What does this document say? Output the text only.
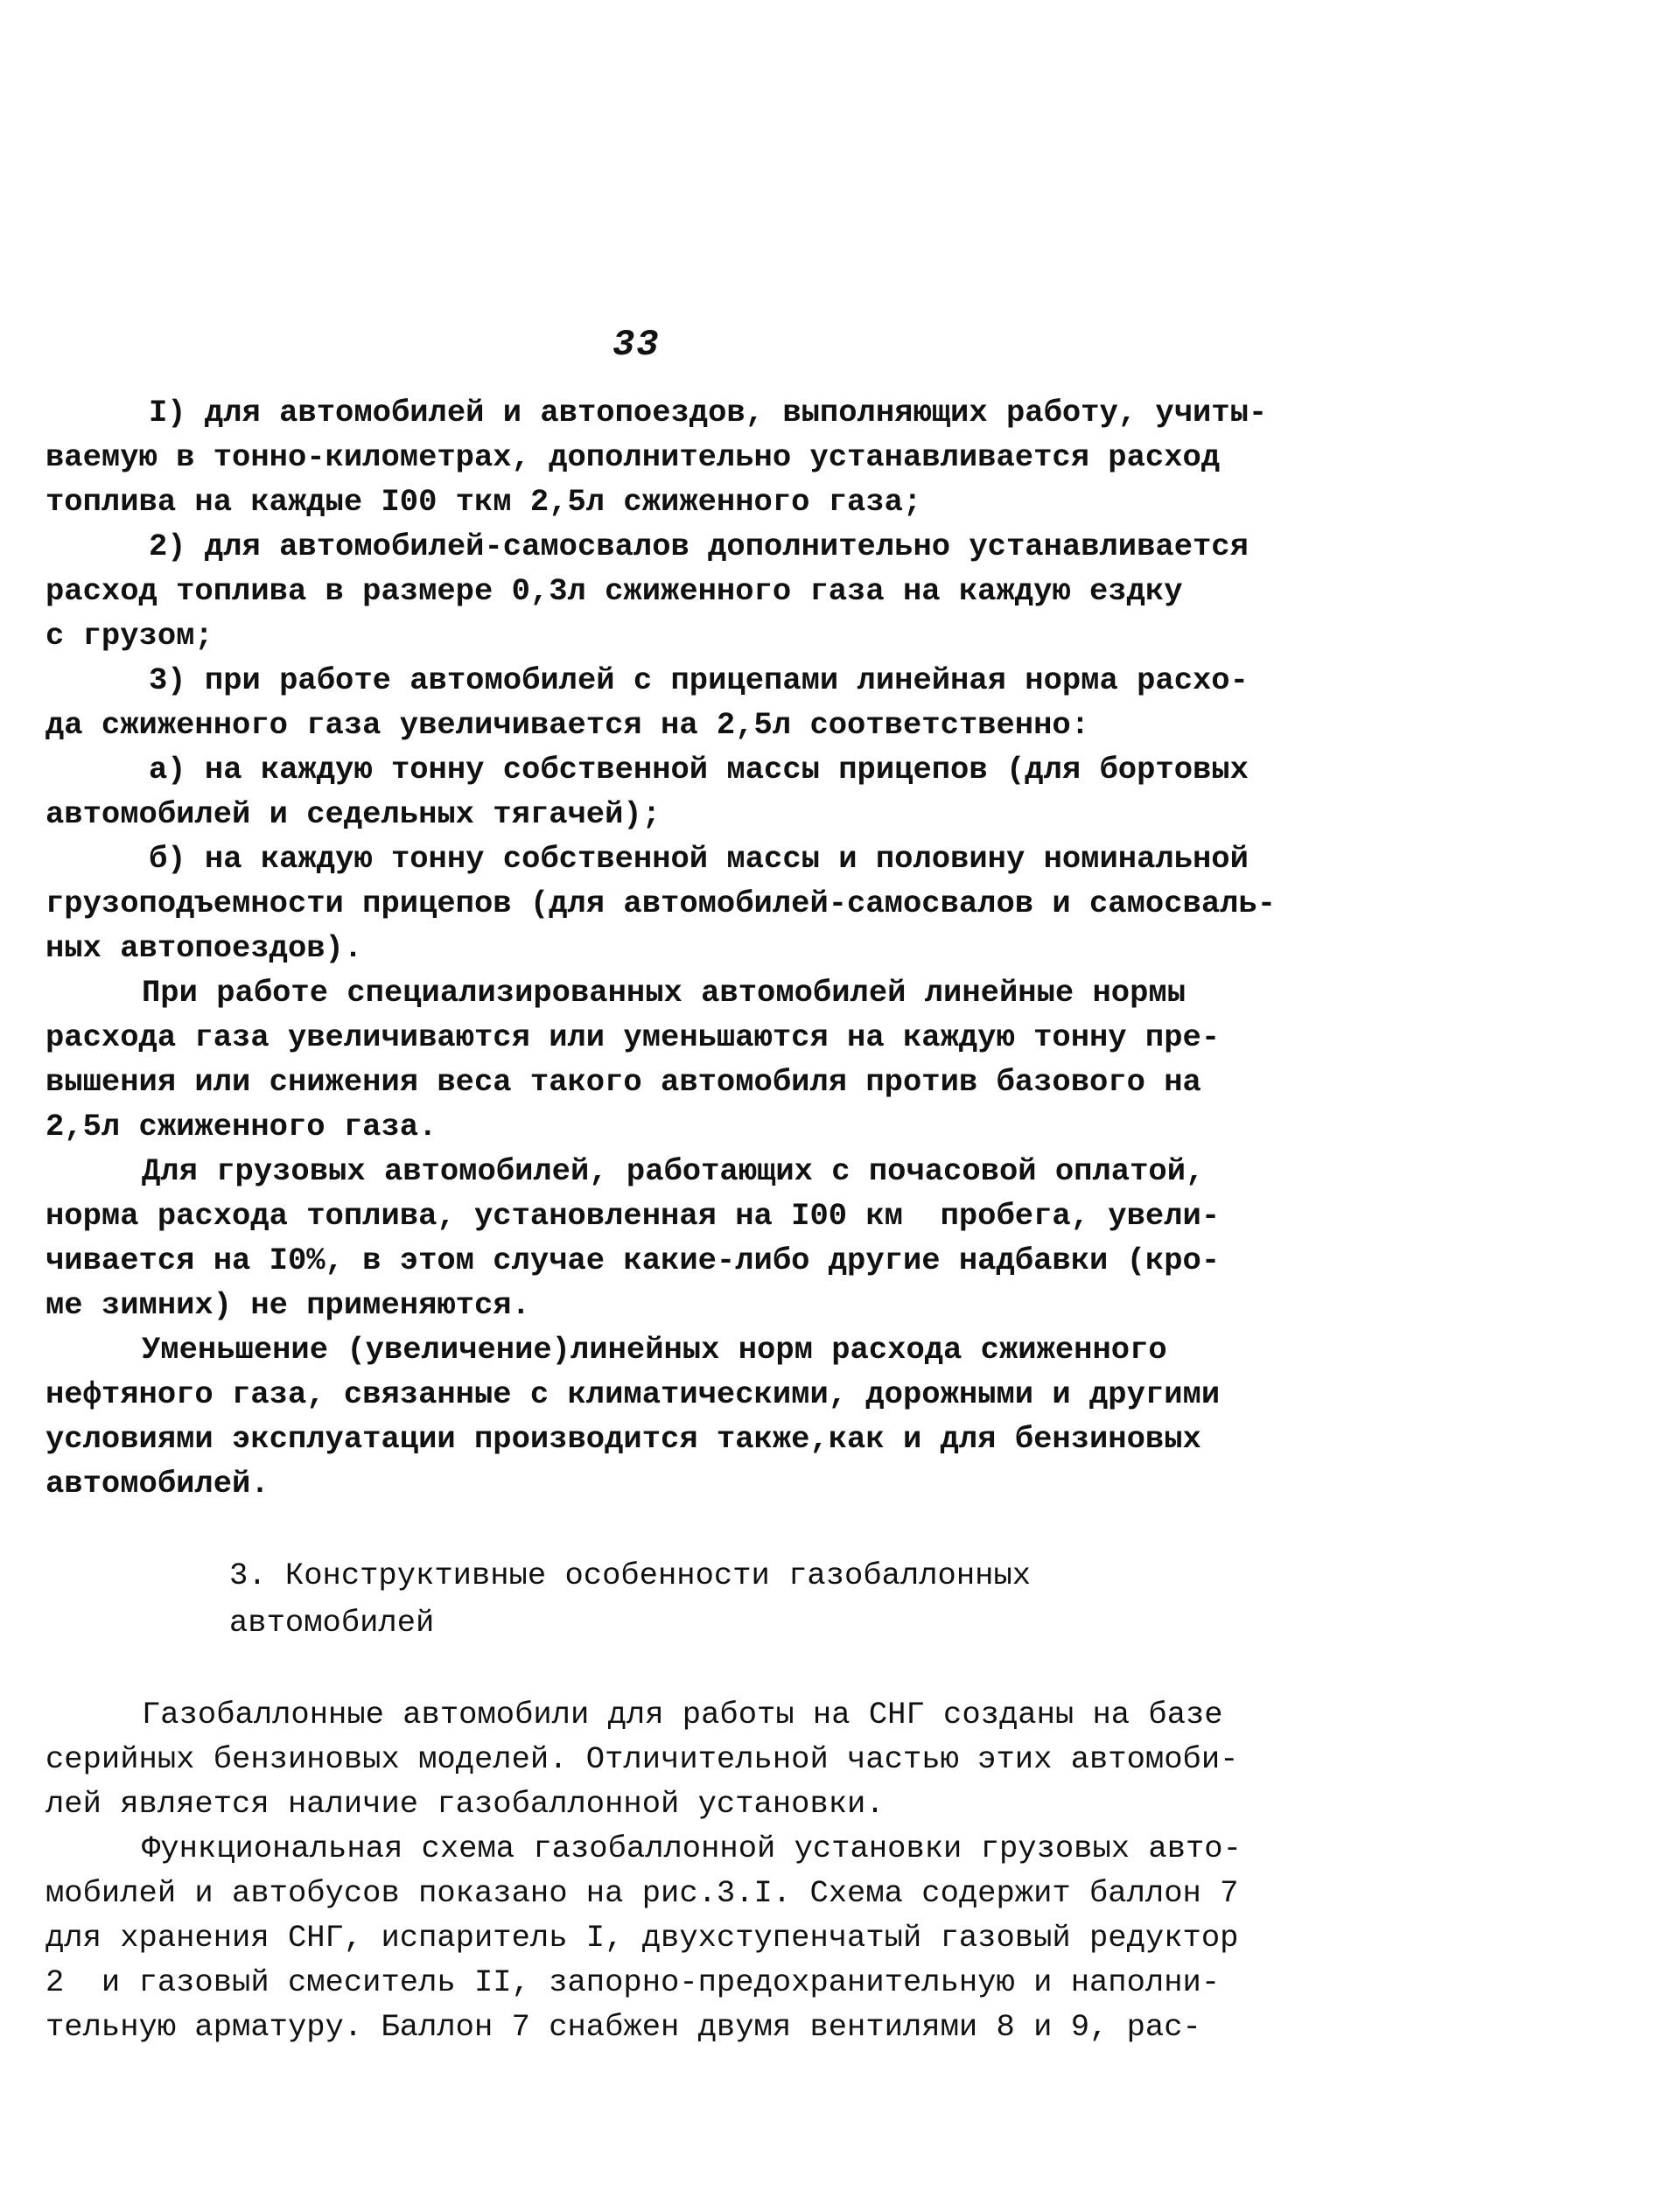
33
I) для автомобилей и автопоездов, выполняющих работу, учиты-
ваемую в тонно-километрах, дополнительно устанавливается расход
топлива на каждые I00 ткм 2,5л сжиженного газа;
2) для автомобилей-самосвалов дополнительно устанавливается
расход топлива в размере 0,3л сжиженного газа на каждую ездку
с грузом;
3) при работе автомобилей с прицепами линейная норма расхо-
да сжиженного газа увеличивается на 2,5л соответственно:
а) на каждую тонну собственной массы прицепов (для бортовых
автомобилей и седельных тягачей);
б) на каждую тонну собственной массы и половину номинальной
грузоподъемности прицепов (для автомобилей-самосвалов и самосваль-
ных автопоездов).
При работе специализированных автомобилей линейные нормы
расхода газа увеличиваются или уменьшаются на каждую тонну пре-
вышения или снижения веса такого автомобиля против базового на
2,5л сжиженного газа.
Для грузовых автомобилей, работающих с почасовой оплатой,
норма расхода топлива, установленная на I00 км  пробега, увели-
чивается на I0%, в этом случае какие-либо другие надбавки (кро-
ме зимних) не применяются.
Уменьшение (увеличение)линейных норм расхода сжиженного
нефтяного газа, связанные с климатическими, дорожными и другими
условиями эксплуатации производится также,как и для бензиновых
автомобилей.
3. Конструктивные особенности газобаллонных
автомобилей
Газобаллонные автомобили для работы на СНГ созданы на базе
серийных бензиновых моделей. Отличительной частью этих автомоби-
лей является наличие газобаллонной установки.
Функциональная схема газобаллонной установки грузовых авто-
мобилей и автобусов показано на рис.3.I. Схема содержит баллон 7
для хранения СНГ, испаритель I, двухступенчатый газовый редуктор
2  и газовый смеситель II, запорно-предохранительную и наполни-
тельную арматуру. Баллон 7 снабжен двумя вентилями 8 и 9, рас-
